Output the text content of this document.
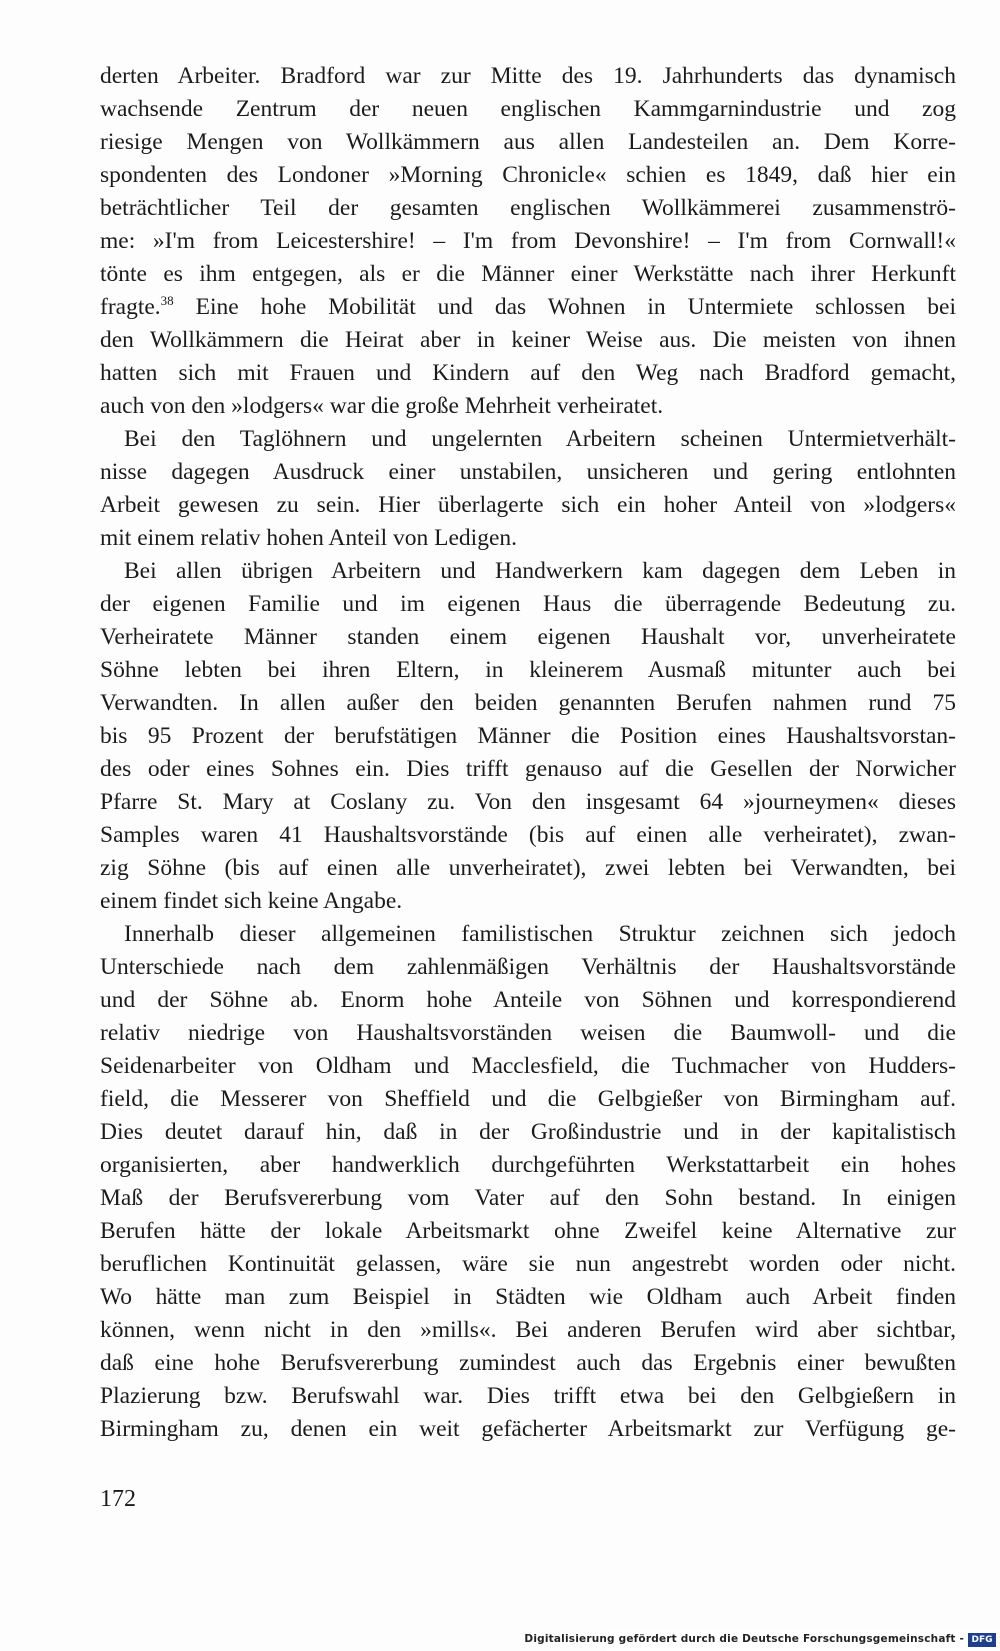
derten Arbeiter. Bradford war zur Mitte des 19. Jahrhunderts das dynamisch
wachsende Zentrum der neuen englischen Kammgarnindustrie und zog
riesige Mengen von Wollkämmern aus allen Landesteilen an. Dem Korre-
spondenten des Londoner »Morning Chronicle« schien es 1849, daß hier ein
beträchtlicher Teil der gesamten englischen Wollkämmerei zusammenströ-
me: »I'm from Leicestershire! – I'm from Devonshire! – I'm from Cornwall!«
tönte es ihm entgegen, als er die Männer einer Werkstätte nach ihrer Herkunft
fragte.$^{38}$ Eine hohe Mobilität und das Wohnen in Untermiete schlossen bei
den Wollkämmern die Heirat aber in keiner Weise aus. Die meisten von ihnen
hatten sich mit Frauen und Kindern auf den Weg nach Bradford gemacht,
auch von den »lodgers« war die große Mehrheit verheiratet.
Bei den Taglöhnern und ungelernten Arbeitern scheinen Untermietverhält-
nisse dagegen Ausdruck einer unstabilen, unsicheren und gering entlohnten
Arbeit gewesen zu sein. Hier überlagerte sich ein hoher Anteil von »lodgers«
mit einem relativ hohen Anteil von Ledigen.
Bei allen übrigen Arbeitern und Handwerkern kam dagegen dem Leben in
der eigenen Familie und im eigenen Haus die überragende Bedeutung zu.
Verheiratete Männer standen einem eigenen Haushalt vor, unverheiratete
Söhne lebten bei ihren Eltern, in kleinerem Ausmaß mitunter auch bei
Verwandten. In allen außer den beiden genannten Berufen nahmen rund 75
bis 95 Prozent der berufstätigen Männer die Position eines Haushaltsvorstan-
des oder eines Sohnes ein. Dies trifft genauso auf die Gesellen der Norwicher
Pfarre St. Mary at Coslany zu. Von den insgesamt 64 »journeymen« dieses
Samples waren 41 Haushaltsvorstände (bis auf einen alle verheiratet), zwan-
zig Söhne (bis auf einen alle unverheiratet), zwei lebten bei Verwandten, bei
einem findet sich keine Angabe.
Innerhalb dieser allgemeinen familistischen Struktur zeichnen sich jedoch
Unterschiede nach dem zahlenmäßigen Verhältnis der Haushaltsvorstände
und der Söhne ab. Enorm hohe Anteile von Söhnen und korrespondierend
relativ niedrige von Haushaltsvorständen weisen die Baumwoll- und die
Seidenarbeiter von Oldham und Macclesfield, die Tuchmacher von Hudders-
field, die Messerer von Sheffield und die Gelbgießer von Birmingham auf.
Dies deutet darauf hin, daß in der Großindustrie und in der kapitalistisch
organisierten, aber handwerklich durchgeführten Werkstattarbeit ein hohes
Maß der Berufsvererbung vom Vater auf den Sohn bestand. In einigen
Berufen hätte der lokale Arbeitsmarkt ohne Zweifel keine Alternative zur
beruflichen Kontinuität gelassen, wäre sie nun angestrebt worden oder nicht.
Wo hätte man zum Beispiel in Städten wie Oldham auch Arbeit finden
können, wenn nicht in den »mills«. Bei anderen Berufen wird aber sichtbar,
daß eine hohe Berufsvererbung zumindest auch das Ergebnis einer bewußten
Plazierung bzw. Berufswahl war. Dies trifft etwa bei den Gelbgießern in
Birmingham zu, denen ein weit gefächerter Arbeitsmarkt zur Verfügung ge-
172
Digitalisierung gefördert durch die Deutsche Forschungsgemeinschaft - DFG
